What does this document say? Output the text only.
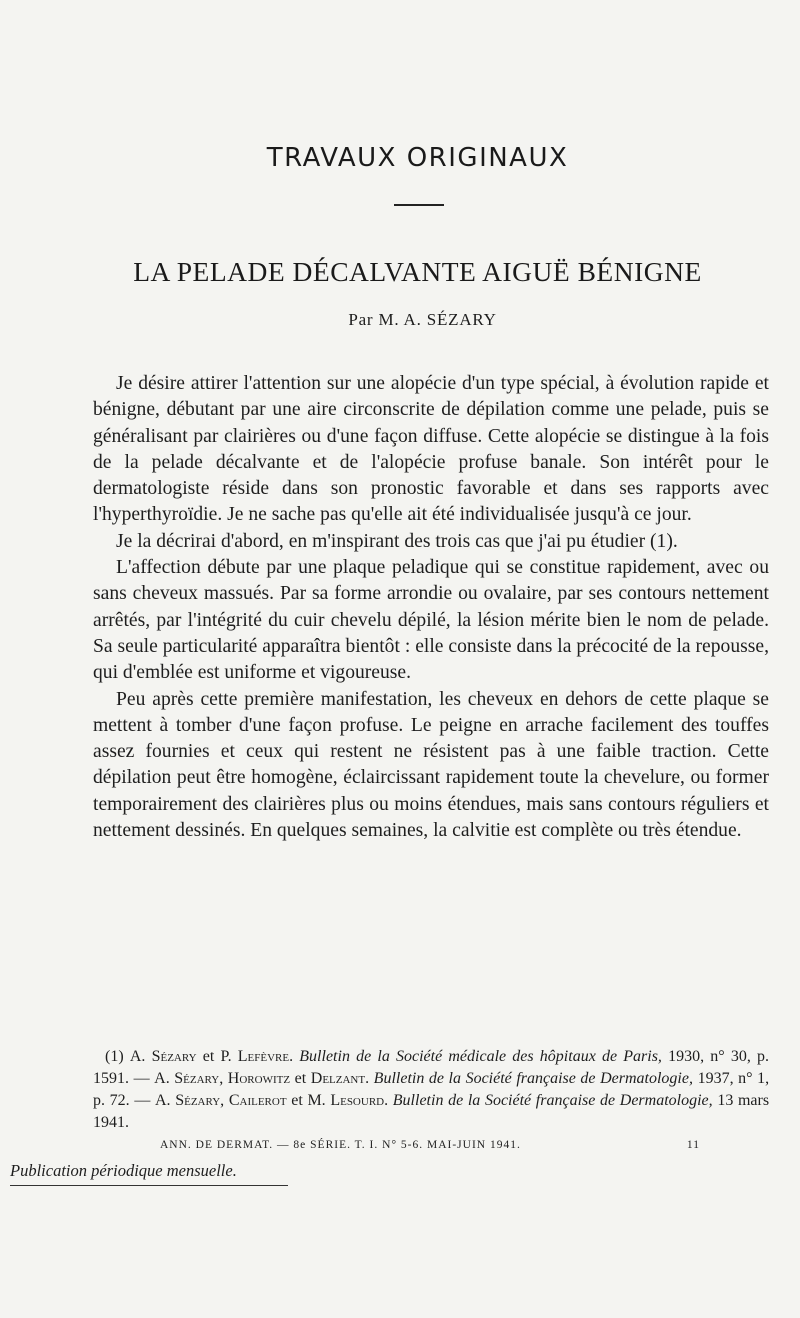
TRAVAUX ORIGINAUX
LA PELADE DÉCALVANTE AIGUË BÉNIGNE
Par M. A. SÉZARY

Je désire attirer l'attention sur une alopécie d'un type spécial, à évolution rapide et bénigne, débutant par une aire circonscrite de dépilation comme une pelade, puis se généralisant par clairières ou d'une façon diffuse. Cette alopécie se distingue à la fois de la pelade décalvante et de l'alopécie profuse banale. Son intérêt pour le dermatologiste réside dans son pronostic favorable et dans ses rapports avec l'hyperthyroïdie. Je ne sache pas qu'elle ait été individualisée jusqu'à ce jour.

Je la décrirai d'abord, en m'inspirant des trois cas que j'ai pu étudier (1).

L'affection débute par une plaque peladique qui se constitue rapidement, avec ou sans cheveux massués. Par sa forme arrondie ou ovalaire, par ses contours nettement arrêtés, par l'intégrité du cuir chevelu dépilé, la lésion mérite bien le nom de pelade. Sa seule particularité apparaîtra bientôt : elle consiste dans la précocité de la repousse, qui d'emblée est uniforme et vigoureuse.

Peu après cette première manifestation, les cheveux en dehors de cette plaque se mettent à tomber d'une façon profuse. Le peigne en arrache facilement des touffes assez fournies et ceux qui restent ne résistent pas à une faible traction. Cette dépilation peut être homogène, éclaircissant rapidement toute la chevelure, ou former temporairement des clairières plus ou moins étendues, mais sans contours réguliers et nettement dessinés. En quelques semaines, la calvitie est complète ou très étendue.

(1) A. Sézary et P. Lefèvre. Bulletin de la Société médicale des hôpitaux de Paris, 1930, n° 30, p. 1591. — A. Sézary, Horowitz et Delzant. Bulletin de la Société française de Dermatologie, 1937, n° 1, p. 72. — A. Sézary, Cailerot et M. Lesourd. Bulletin de la Société française de Dermatologie, 13 mars 1941.
ANN. DE DERMAT. — 8e SÉRIE. T. I. N° 5-6. MAI-JUIN 1941.	11
Publication périodique mensuelle.
